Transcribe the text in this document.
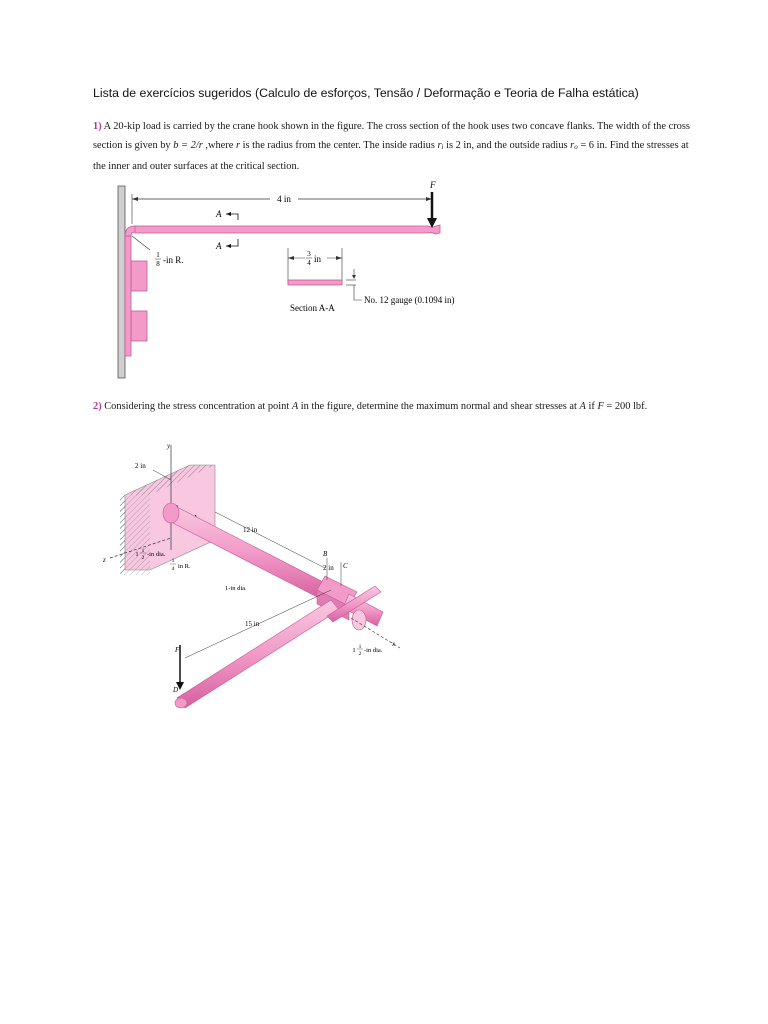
Lista de exercícios sugeridos (Calculo de esforços, Tensão / Deformação e Teoria de Falha estática)
1) A 20-kip load is carried by the crane hook shown in the figure. The cross section of the hook uses two concave flanks. The width of the cross section is given by b = 2/r ,where r is the radius from the center. The inside radius ri is 2 in, and the outside radius ro = 6 in. Find the stresses at the inner and outer surfaces at the critical section.
4 in
F
A
A
1
8 -in R.
3
4 in
No. 12 gauge (0.1094 in)
Section A-A
2) Considering the stress concentration at point A in the figure, determine the maximum normal and shear stresses at A if F = 200 lbf.
y
2 in
z
x
12 in
B
C
2 in
15 in
F
D
1 1
2 -in dia.
1
4 in R.
1-in dia.
1 1
2 -in dia.
